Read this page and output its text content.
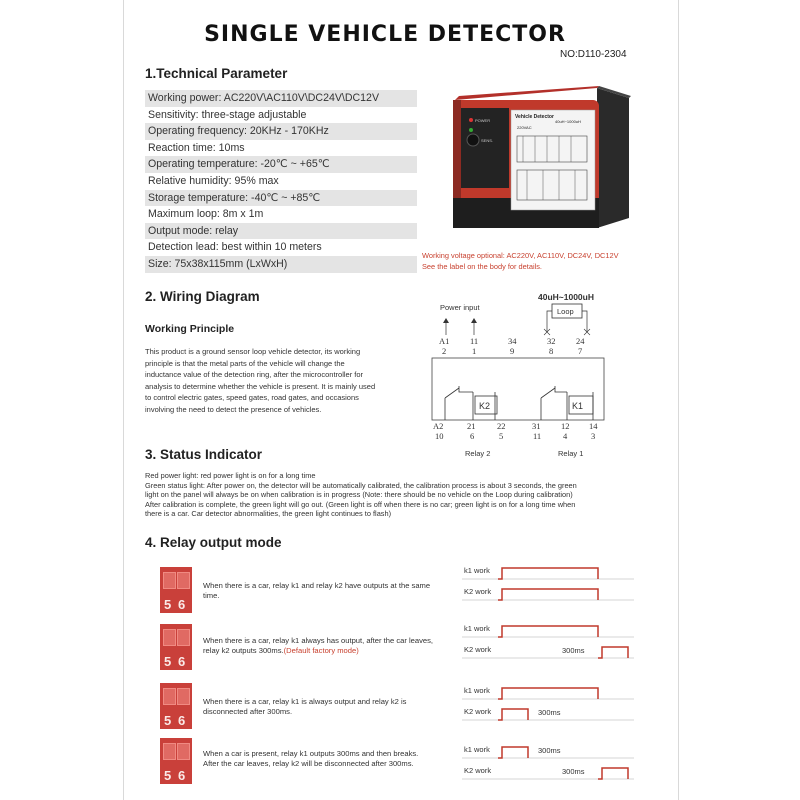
SINGLE VEHICLE DETECTOR
NO:D110-2304
1.Technical Parameter
Working power: AC220V\AC110V\DC24V\DC12V
Sensitivity: three-stage adjustable
Operating frequency: 20KHz - 170KHz
Reaction time: 10ms
Operating temperature: -20℃ ~ +65℃
Relative humidity: 95% max
Storage temperature: -40℃ ~ +85℃
Maximum loop: 8m x 1m
Output mode: relay
Detection lead: best within 10 meters
Size: 75x38x115mm (LxWxH)
POWER
SENS.
Vehicle Detector
220VAC
40uH~1000uH
Working voltage optional: AC220V, AC110V, DC24V, DC12V
See the label on the body for details.
2. Wiring Diagram
Working Principle
This product is a ground sensor loop vehicle detector, its working
principle is that the metal parts of the vehicle will change the
inductance value of the detection ring, after the microcontroller for
analysis to determine whether the vehicle is present. It is mainly used
to control electric gates, speed gates, road gates, and occasions
involving the need to detect the presence of vehicles.
40uH~1000uH
Power input	Loop
A1 11	34	32 24
2	1	9	8	7
K2	K1
A2	21	22	31 12 14
10	6	5	11	4	3
Relay 2	Relay 1
3. Status Indicator
Red power light: red power light is on for a long time
Green status light: After power on, the detector will be automatically calibrated, the calibration process is about 3 seconds, the green
light on the panel will always be on when calibration is in progress (Note: there should be no vehicle on the Loop during calibration)
After calibration is complete, the green light will go out. (Green light is off when there is no car; green light is on for a long time when
there is a car. Car detector abnormalities, the green light continues to flash)
4. Relay output mode
5 6
When there is a car, relay k1 and relay k2 have outputs at the same
time.
k1 work
K2 work
5 6
When there is a car, relay k1 always has output, after the car leaves,
relay k2 outputs 300ms.(Default factory mode)
k1 work
K2 work	300ms
5 6
When there is a car, relay k1 is always output and relay k2 is
disconnected after 300ms.
k1 work
K2 work	300ms
5 6
When a car is present, relay k1 outputs 300ms and then breaks.
After the car leaves, relay k2 will be disconnected after 300ms.
k1 work	300ms
K2 work	300ms
